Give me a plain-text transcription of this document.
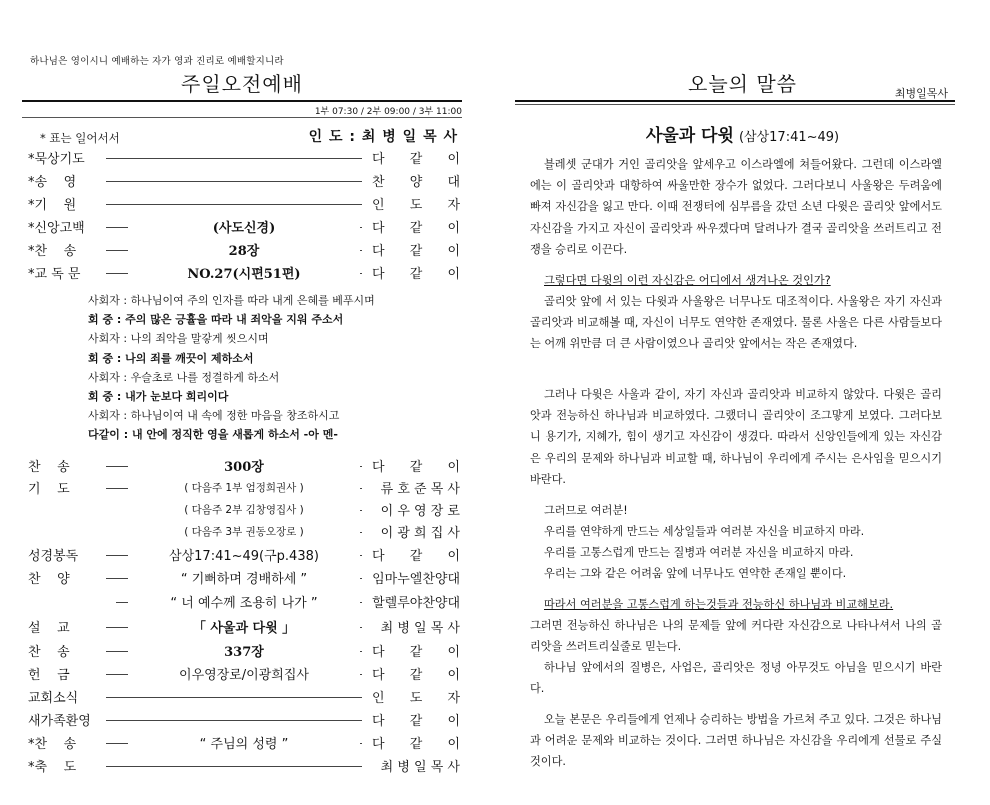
하나님은 영이시니 예배하는 자가 영과 진리로 예배할지니라
주일오전예배
1부 07:30 / 2부 09:00 / 3부 11:00
* 표는 일어서서	인 도 : 최 병 일 목 사
*묵상기도	다 같 이
*송    영	찬 양 대
*기    원	인 도 자
*신앙고백	(사도신경)	다 같 이
*찬    송	28장	다 같 이
*교 독 문	NO.27(시편51편)	다 같 이
찬    송	300장	다 같 이
기    도	( 다음주 1부 엄정희권사 )	류 호 준 목 사
( 다음주 2부 김창영집사 )	이 우 영 장 로
( 다음주 3부 권동오장로 )	이 광 희 집 사
성경봉독	삼상17:41~49(구p.438)	다 같 이
찬    양	“ 기뻐하며 경배하세 ”	임마누엘찬양대
“ 너 예수께 조용히 나가 ”	할렐루야찬양대
설    교	「 사울과 다윗 」	최 병 일 목 사
찬    송	337장	다 같 이
헌    금	이우영장로/이광희집사	다 같 이
교회소식	인 도 자
새가족환영	다 같 이
*찬    송	“ 주님의 성령 ”	다 같 이
*축    도	최 병 일 목 사
사회자 : 하나님이여 주의 인자를 따라 내게 은혜를 베푸시며
회 중 : 주의 많은 긍휼을 따라 내 죄악을 지워 주소서
사회자 : 나의 죄악을 말갛게 씻으시며
회 중 : 나의 죄를 깨끗이 제하소서
사회자 : 우슬초로 나를 정결하게 하소서
회 중 : 내가 눈보다 희리이다
사회자 : 하나님이여 내 속에 정한 마음을 창조하시고
다같이 : 내 안에 정직한 영을 새롭게 하소서 -아 멘-
오늘의 말씀	최병일목사
사울과 다윗 (삼상17:41~49)
블레셋 군대가 거인 골리앗을 앞세우고 이스라엘에 쳐들어왔다. 그런데 이스라엘에는 이 골리앗과 대항하여 싸울만한 장수가 없었다. 그러다보니 사울왕은 두려움에 빠져 자신감을 잃고 만다. 이때 전쟁터에 심부름을 갔던 소년 다윗은 골리앗 앞에서도 자신감을 가지고 자신이 골리앗과 싸우겠다며 달려나가 결국 골리앗을 쓰러트리고 전쟁을 승리로 이끈다.
그렇다면 다윗의 이런 자신감은 어디에서 생겨나온 것인가?
골리앗 앞에 서 있는 다윗과 사울왕은 너무나도 대조적이다. 사울왕은 자기 자신과 골리앗과 비교해볼 때, 자신이 너무도 연약한 존재였다. 물론 사울은 다른 사람들보다는 어깨 위만큼 더 큰 사람이였으나 골리앗 앞에서는 작은 존재였다.
그러나 다윗은 사울과 같이, 자기 자신과 골리앗과 비교하지 않았다. 다윗은 골리앗과 전능하신 하나님과 비교하였다. 그랬더니 골리앗이 조그맣게 보였다. 그러다보니 용기가, 지혜가, 힘이 생기고 자신감이 생겼다. 따라서 신앙인들에게 있는 자신감은 우리의 문제와 하나님과 비교할 때, 하나님이 우리에게 주시는 은사임을 믿으시기 바란다.
그러므로 여러분!
우리를 연약하게 만드는 세상일들과 여러분 자신을 비교하지 마라.
우리를 고통스럽게 만드는 질병과 여러분 자신을 비교하지 마라.
우리는 그와 같은 어려움 앞에 너무나도 연약한 존재일 뿐이다.
따라서 여러분을 고통스럽게 하는것들과 전능하신 하나님과 비교해보라.
그러면 전능하신 하나님은 나의 문제들 앞에 커다란 자신감으로 나타나셔서 나의 골리앗을 쓰러트리실줄로 믿는다.
하나님 앞에서의 질병은, 사업은, 골리앗은 정녕 아무것도 아님을 믿으시기 바란다.
오늘 본문은 우리들에게 언제나 승리하는 방법을 가르쳐 주고 있다. 그것은 하나님과 어려운 문제와 비교하는 것이다. 그러면 하나님은 자신감을 우리에게 선물로 주실 것이다.
